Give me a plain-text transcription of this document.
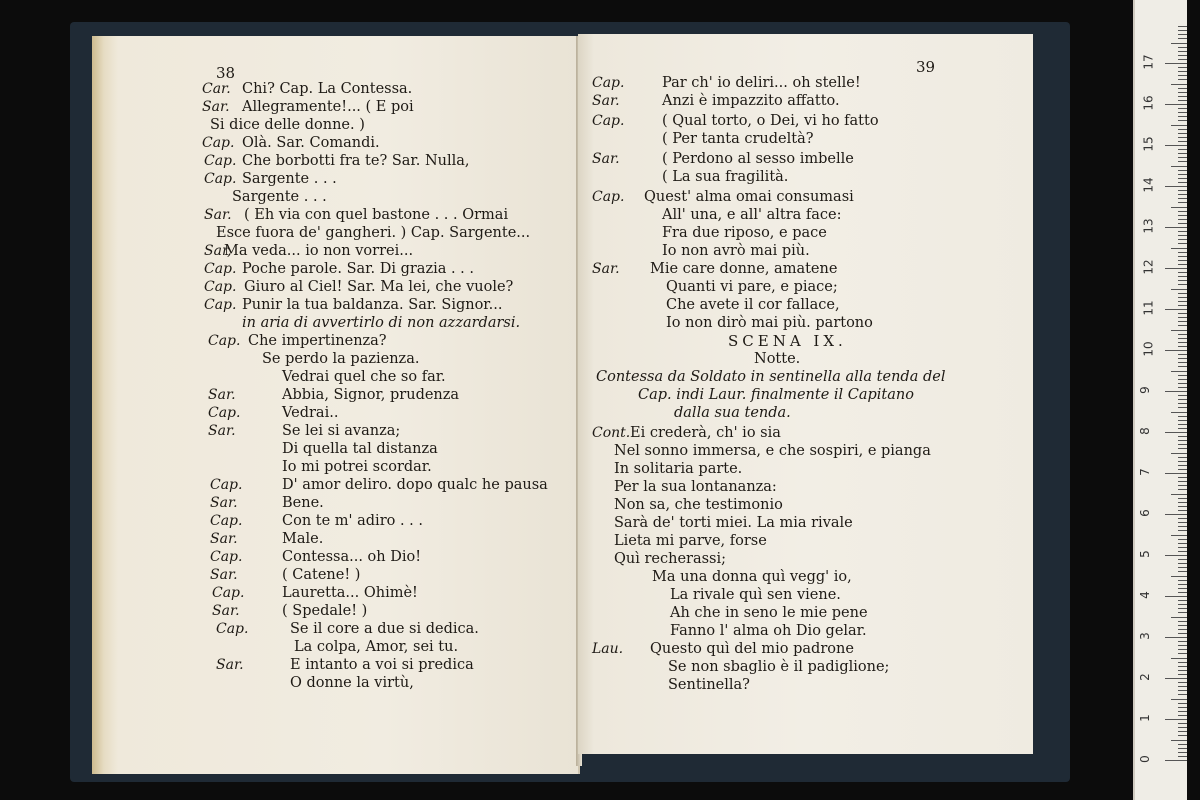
38
Car. Chi? Cap. La Contessa.
Sar. Allegramente!... ( E poi
Si dice delle donne. )
Cap. Olà. Sar. Comandi.
Cap. Che borbotti fra te? Sar. Nulla,
Cap. Sargente . . .
Sargente . . .
Sar. ( Eh via con quel bastone . . . Ormai
Esce fuora de' gangheri. ) Cap. Sargente...
Sar,
Ma veda... io non vorrei...
Cap. Poche parole. Sar. Di grazia . . .
Cap. Giuro al Ciel! Sar. Ma lei, che vuole?
Cap. Punir la tua baldanza. Sar. Signor...
in aria di avvertirlo di non azzardarsi.
Cap. Che impertinenza?
Se perdo la pazienza.
Vedrai quel che so far.
Sar.	Abbia, Signor, prudenza
Cap.	Vedrai..
Sar.	Se lei si avanza;
Di quella tal distanza
Io mi potrei scordar.
Cap.	D' amor deliro. dopo qualc he pausa
Sar.	Bene.
Cap.	Con te m' adiro . . .
Sar.	Male.
Cap.	Contessa... oh Dio!
Sar.	( Catene! )
Cap.	Lauretta... Ohimè!
Sar.	( Spedale! )
Cap.	Se il core a due si dedica.
La colpa, Amor, sei tu.
Sar.	E intanto a voi si predica
O donne la virtù,
39
Cap.	Par ch' io deliri... oh stelle!
Sar.	Anzi è impazzito affatto.
Cap.	( Qual torto, o Dei, vi ho fatto
( Per tanta crudeltà?
Sar.	( Perdono al sesso imbelle
( La sua fragilità.
Cap. Quest' alma omai consumasi
All' una, e all' altra face:
Fra due riposo, e pace
Io non avrò mai più.
Sar. Mie care donne, amatene
Quanti vi pare, e piace;
Che avete il cor fallace,
Io non dirò mai più. partono
SCENA IX.
Notte.
Contessa da Soldato in sentinella alla tenda del
Cap. indi Laur. finalmente il Capitano
dalla sua tenda.
Cont. Ei crederà, ch' io sia
Nel sonno immersa, e che sospiri, e pianga
In solitaria parte.
Per la sua lontananza:
Non sa, che testimonio
Sarà de' torti miei. La mia rivale
Lieta mi parve, forse
Quì recherassi;
Ma una donna quì vegg' io,
La rivale quì sen viene.
Ah che in seno le mie pene
Fanno l' alma oh Dio gelar.
Lau. Questo quì del mio padrone
Se non sbaglio è il padiglione;
Sentinella?
0
1
2
3
4
5
6
7
8
9
10
11
12
13
14
15
16
17
